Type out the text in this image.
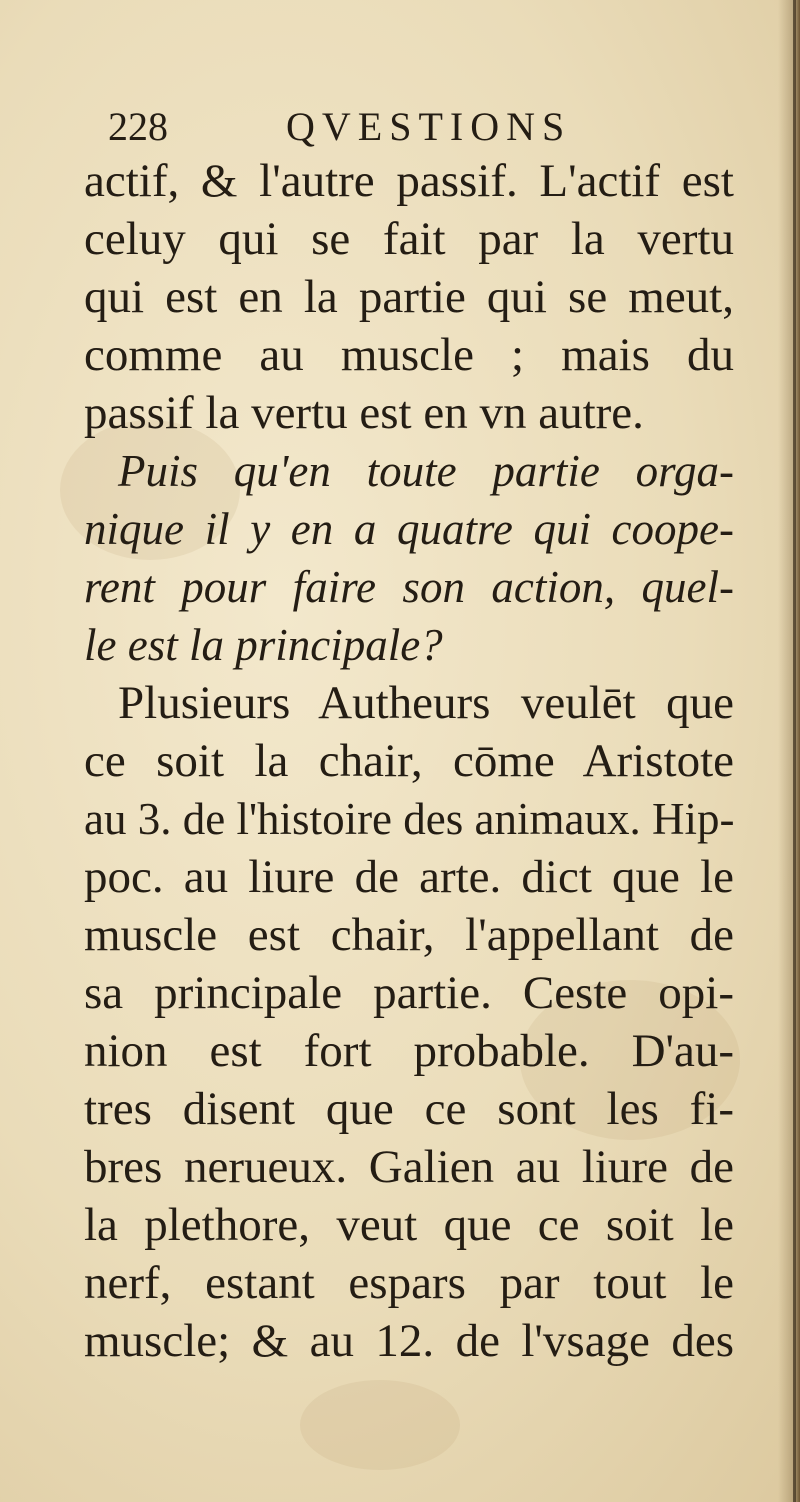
228	QVESTIONS
actif, & l'autre passif. L'actif est
celuy qui se fait par la vertu
qui est en la partie qui se meut,
comme au muscle ; mais du
passif la vertu est en vn autre.
Puis qu'en toute partie orga-
nique il y en a quatre qui coope-
rent pour faire son action, quel-
le est la principale?
Plusieurs Autheurs veulēt que
ce soit la chair, cōme Aristote
au 3. de l'histoire des animaux. Hip-
poc. au liure de arte. dict que le
muscle est chair, l'appellant de
sa principale partie. Ceste opi-
nion est fort probable. D'au-
tres disent que ce sont les fi-
bres nerueux. Galien au liure de
la plethore, veut que ce soit le
nerf, estant espars par tout le
muscle; & au 12. de l'vsage des
